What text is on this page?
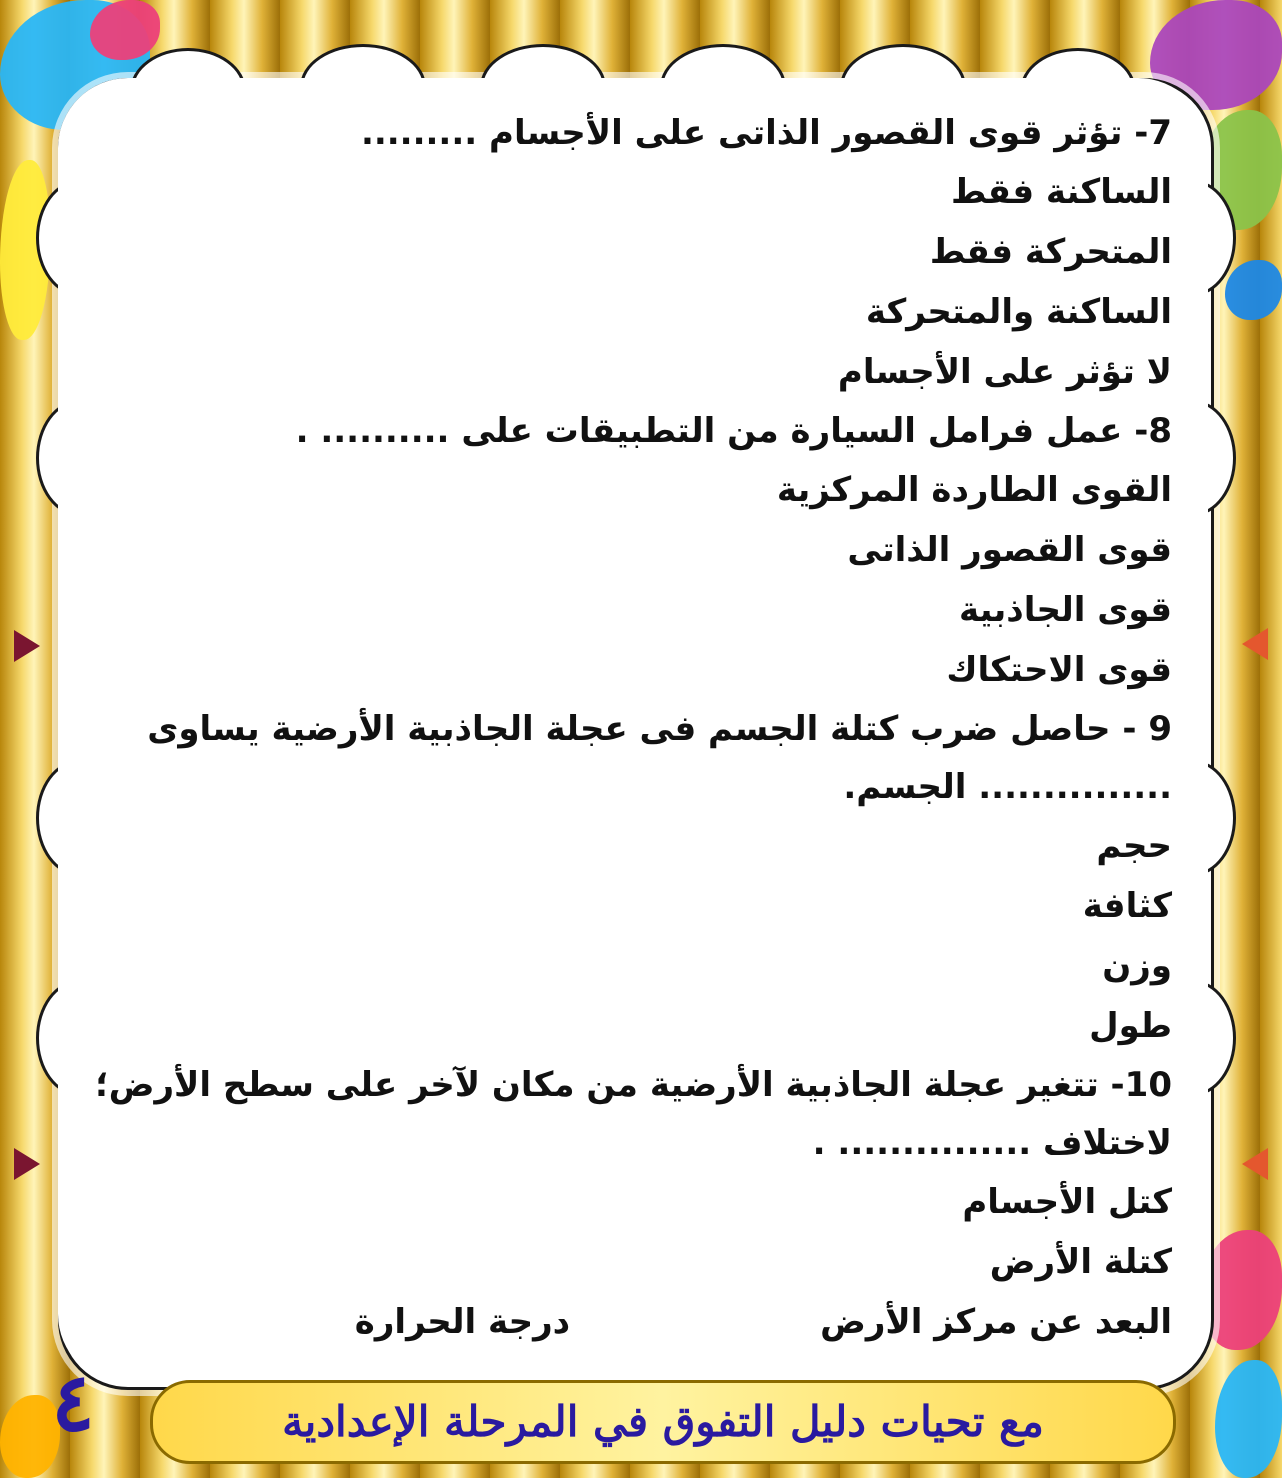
7- تؤثر قوى القصور الذاتى على الأجسام .........
الساكنة فقط
المتحركة فقط
الساكنة والمتحركة
لا تؤثر على الأجسام
8- عمل فرامل السيارة من التطبيقات على .......... .
القوى الطاردة المركزية
قوى القصور الذاتى
قوى الجاذبية
قوى الاحتكاك
9 - حاصل ضرب كتلة الجسم فى عجلة الجاذبية الأرضية يساوى
............... الجسم.
حجم
كثافة
وزن
طول
10- تتغير عجلة الجاذبية الأرضية من مكان لآخر على سطح الأرض؛
لاختلاف ............... .
كتل الأجسام
كتلة الأرض
البعد عن مركز الأرض
درجة الحرارة
٤	مع تحيات دليل التفوق في المرحلة الإعدادية
